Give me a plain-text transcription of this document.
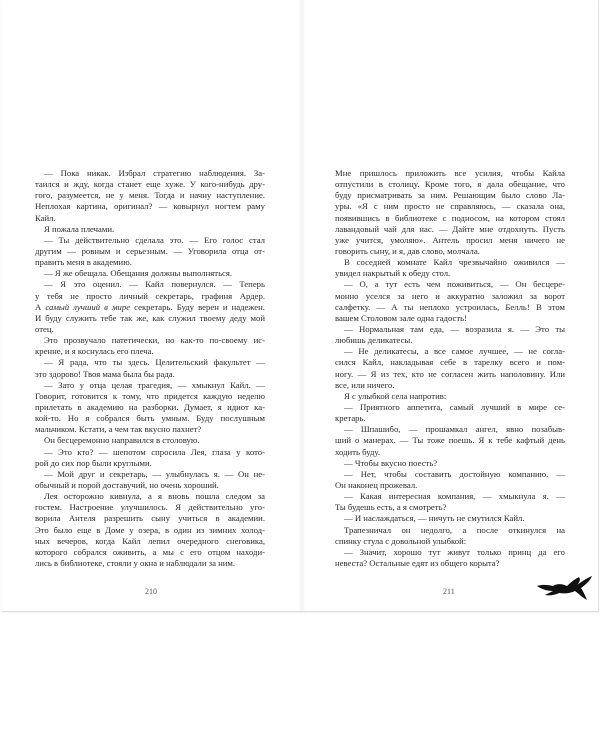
— Пока никак. Избрал стратегию наблюдения. За-
таился и жду, когда станет еще хуже. У кого-нибудь дру-
гого, разумеется, не у меня. Тогда и начну наступление.
Неплохая картина, оригинал? — ковырнул ногтем раму
Кайл.
Я пожала плечами.
— Ты действительно сделала это. — Его голос стал
другим — ровным и серьезным. — Уговорила отца от-
править меня в академию.
— Я же обещала. Обещания должны выполняться.
— Я это оценил. — Кайл повернулся. — Теперь
у тебя не просто личный секретарь, графиня Ардер.
А самый лучший в мире секретарь. Буду верен и надежен.
И буду служить тебе так же, как служил твоему деду мой
отец.
Это прозвучало патетически, но как-то по-своему ис-
кренне, и я коснулась его плеча.
— Я рада, что ты здесь. Целительский факультет —
это здорово! Твоя мама была бы рада.
— Зато у отца целая трагедия, — хмыкнул Кайл. —
Говорит, готовится к тому, что придется каждую неделю
прилетать в академию на разборки. Думает, я идиот ка-
кой-то. Но я собрался быть умным. Буду послушным
мальчиком. Кстати, а чем так вкусно пахнет?
Он бесцеремонно направился в столовую.
— Это кто? — шепотом спросила Лея, глаза у кото-
рой до сих пор были круглыми.
— Мой друг и секретарь, — улыбнулась я. — Он не-
обычный и порой доставучий, но очень хороший.
Лея осторожно кивнула, а я вновь пошла следом за
гостем. Настроение улучшилось. Я действительно уго-
ворила Антеля разрешить сыну учиться в академии.
Это было еще в Доме у озера, в один из зимних холод-
ных вечеров, когда Кайл лепил очередного снеговика,
которого собрался оживить, а мы с его отцом находи-
лись в библиотеке, стояли у окна и наблюдали за ним.
Мне пришлось приложить все усилия, чтобы Кайла
отпустили в столицу. Кроме того, я дала обещание, что
буду присматривать за ним. Решающим было слово Ла-
уры. «Я с ним просто не справляюсь, — сказала она,
появившись в библиотеке с подносом, на котором стоял
лавандовый чай для нас. — Дайте мне отдохнуть. Пусть
уже учится, умоляю». Антель просил меня ничего не
говорить сыну, и я, дав слово, молчала.
В соседней комнате Кайл чрезвычайно оживился —
увидел накрытый к обеду стол.
— О, а тут есть чем поживиться, — Он бесцере-
монно уселся за него и аккуратно заложил за ворот
салфетку. — А ты неплохо устроилась, Белль! В этом
вашем Столовом зале одна гадость!
— Нормальная там еда, — возразила я. — Это ты
любишь деликатесы.
— Не деликатесы, а все самое лучшее, — не согла-
сился Кайл, накладывая себе в тарелку всего и пом-
ногу. — Я из тех, кто не согласен жить наполовину. Или
все, или ничего.
Я с улыбкой села напротив:
— Приятного аппетита, самый лучший в мире се-
кретарь.
— Шпашибо, — прошамкал ангел, явно позабыв-
ший о манерах. — Ты тоже поешь. Я к тебе кафтый день
ходить буду.
— Чтобы вкусно поесть?
— Нет, чтобы составить достойную компанию. —
Он наконец прожевал.
— Какая интересная компания, — хмыкнула я. —
Ты будешь есть, а я смотреть?
— И наслаждаться, — ничуть не смутился Кайл.
Трапезничал он недолго, а после откинулся на
спинку стула с довольной улыбкой:
— Значит, хорошо тут живут только принц да его
невеста? Остальные едят из общего корыта?
210	211
